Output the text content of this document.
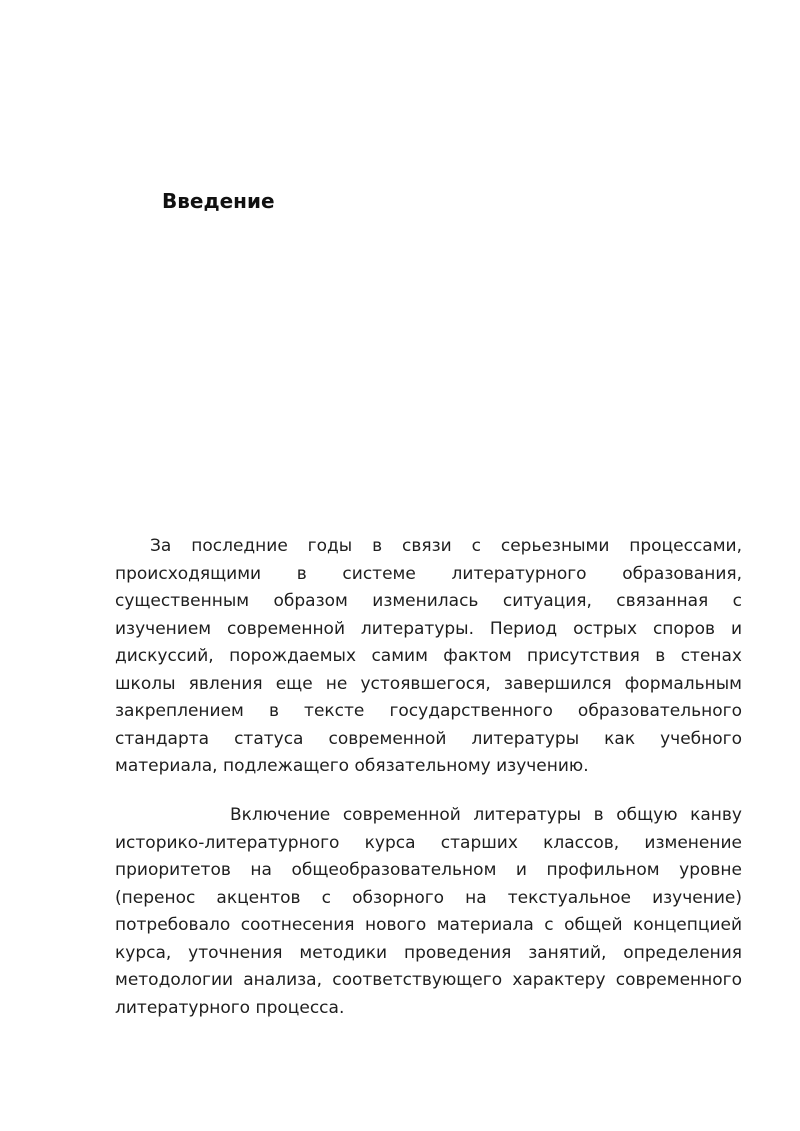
Введение

За последние годы в связи с серьезными процессами, происходящими в системе литературного образования, существенным образом изменилась ситуация, связанная с изучением современной литературы. Период острых споров и дискуссий, порождаемых самим фактом присутствия в стенах школы явления еще не устоявшегося, завершился формальным закреплением в тексте государственного образовательного стандарта статуса современной литературы как учебного материала, подлежащего обязательному изучению.

Включение современной литературы в общую канву историко-литературного курса старших классов, изменение приоритетов на общеобразовательном и профильном уровне (перенос акцентов с обзорного на текстуальное изучение) потребовало соотнесения нового материала с общей концепцией курса, уточнения методики проведения занятий, определения методологии анализа, соответствующего характеру современного литературного процесса.
